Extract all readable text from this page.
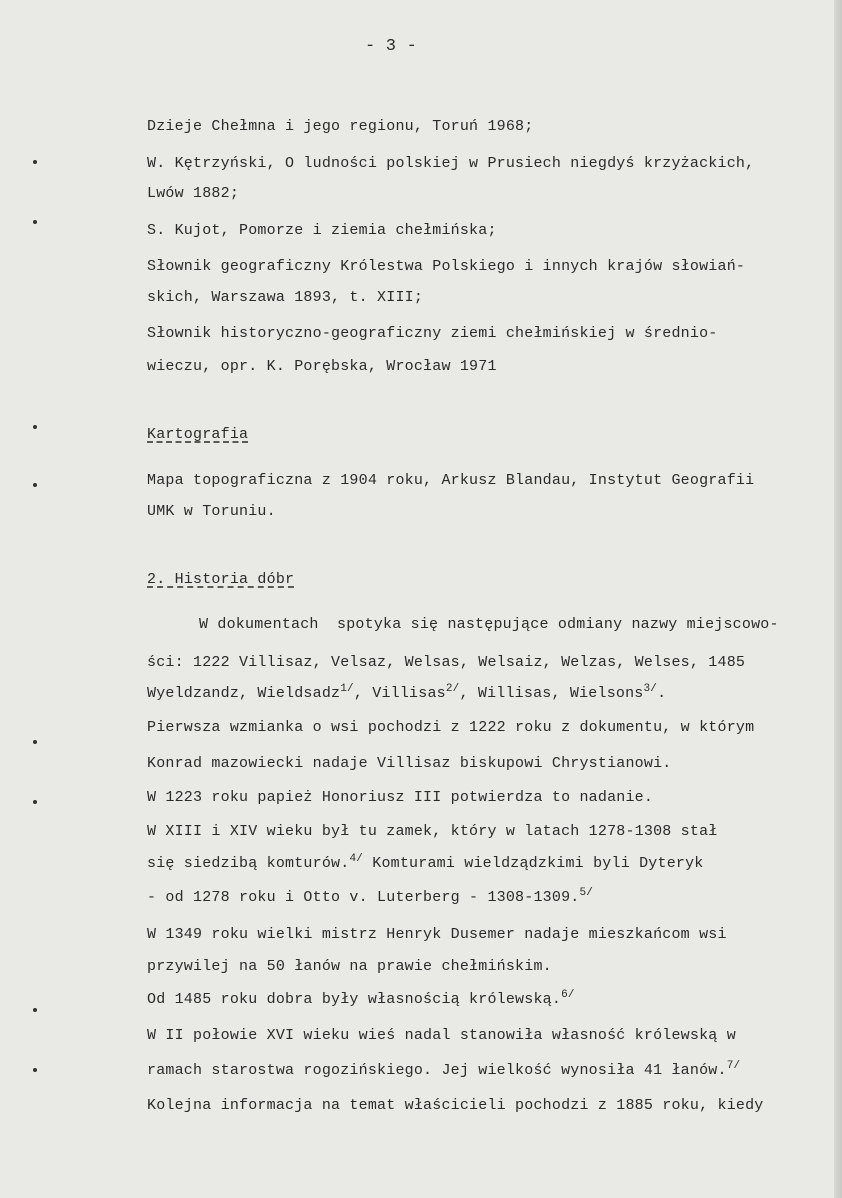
- 3 -
Dzieje Chełmna i jego regionu, Toruń 1968;
W. Kętrzyński, O ludności polskiej w Prusiech niegdyś krzyżackich,
Lwów 1882;
S. Kujot, Pomorze i ziemia chełmińska;
Słownik geograficzny Królestwa Polskiego i innych krajów słowiań-
skich, Warszawa 1893, t. XIII;
Słownik historyczno-geograficzny ziemi chełmińskiej w średnio-
wieczu, opr. K. Porębska, Wrocław 1971
Kartografia
Mapa topograficzna z 1904 roku, Arkusz Blandau, Instytut Geografii
UMK w Toruniu.
2. Historia dóbr
W dokumentach  spotyka się następujące odmiany nazwy miejscowo-
ści: 1222 Villisaz, Velsaz, Welsas, Welsaiz, Welzas, Welses, 1485
Wyeldzandz, Wieldsadz$^{1/}$, Villisas$^{2/}$, Willisas, Wielsons$^{3/}$.
Pierwsza wzmianka o wsi pochodzi z 1222 roku z dokumentu, w którym
Konrad mazowiecki nadaje Villisaz biskupowi Chrystianowi.
W 1223 roku papież Honoriusz III potwierdza to nadanie.
W XIII i XIV wieku był tu zamek, który w latach 1278-1308 stał
się siedzibą komturów.$^{4/}$ Komturami wieldządzkimi byli Dyteryk
- od 1278 roku i Otto v. Luterberg - 1308-1309.$^{5/}$
W 1349 roku wielki mistrz Henryk Dusemer nadaje mieszkańcom wsi
przywilej na 50 łanów na prawie chełmińskim.
Od 1485 roku dobra były własnością królewską.$^{6/}$
W II połowie XVI wieku wieś nadal stanowiła własność królewską w
ramach starostwa rogozińskiego. Jej wielkość wynosiła 41 łanów.$^{7/}$
Kolejna informacja na temat właścicieli pochodzi z 1885 roku, kiedy
